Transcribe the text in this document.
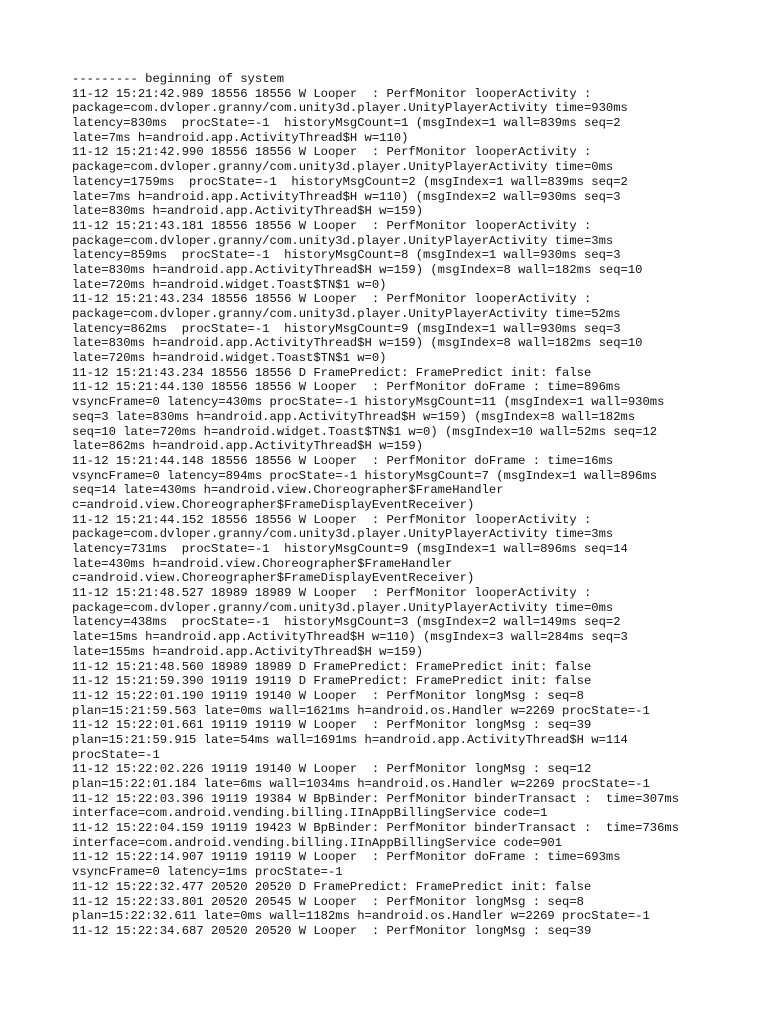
--------- beginning of system
11-12 15:21:42.989 18556 18556 W Looper  : PerfMonitor looperActivity :
package=com.dvloper.granny/com.unity3d.player.UnityPlayerActivity time=930ms
latency=830ms  procState=-1  historyMsgCount=1 (msgIndex=1 wall=839ms seq=2
late=7ms h=android.app.ActivityThread$H w=110)
11-12 15:21:42.990 18556 18556 W Looper  : PerfMonitor looperActivity :
package=com.dvloper.granny/com.unity3d.player.UnityPlayerActivity time=0ms
latency=1759ms  procState=-1  historyMsgCount=2 (msgIndex=1 wall=839ms seq=2
late=7ms h=android.app.ActivityThread$H w=110) (msgIndex=2 wall=930ms seq=3
late=830ms h=android.app.ActivityThread$H w=159)
11-12 15:21:43.181 18556 18556 W Looper  : PerfMonitor looperActivity :
package=com.dvloper.granny/com.unity3d.player.UnityPlayerActivity time=3ms
latency=859ms  procState=-1  historyMsgCount=8 (msgIndex=1 wall=930ms seq=3
late=830ms h=android.app.ActivityThread$H w=159) (msgIndex=8 wall=182ms seq=10
late=720ms h=android.widget.Toast$TN$1 w=0)
11-12 15:21:43.234 18556 18556 W Looper  : PerfMonitor looperActivity :
package=com.dvloper.granny/com.unity3d.player.UnityPlayerActivity time=52ms
latency=862ms  procState=-1  historyMsgCount=9 (msgIndex=1 wall=930ms seq=3
late=830ms h=android.app.ActivityThread$H w=159) (msgIndex=8 wall=182ms seq=10
late=720ms h=android.widget.Toast$TN$1 w=0)
11-12 15:21:43.234 18556 18556 D FramePredict: FramePredict init: false
11-12 15:21:44.130 18556 18556 W Looper  : PerfMonitor doFrame : time=896ms
vsyncFrame=0 latency=430ms procState=-1 historyMsgCount=11 (msgIndex=1 wall=930ms
seq=3 late=830ms h=android.app.ActivityThread$H w=159) (msgIndex=8 wall=182ms
seq=10 late=720ms h=android.widget.Toast$TN$1 w=0) (msgIndex=10 wall=52ms seq=12
late=862ms h=android.app.ActivityThread$H w=159)
11-12 15:21:44.148 18556 18556 W Looper  : PerfMonitor doFrame : time=16ms
vsyncFrame=0 latency=894ms procState=-1 historyMsgCount=7 (msgIndex=1 wall=896ms
seq=14 late=430ms h=android.view.Choreographer$FrameHandler
c=android.view.Choreographer$FrameDisplayEventReceiver)
11-12 15:21:44.152 18556 18556 W Looper  : PerfMonitor looperActivity :
package=com.dvloper.granny/com.unity3d.player.UnityPlayerActivity time=3ms
latency=731ms  procState=-1  historyMsgCount=9 (msgIndex=1 wall=896ms seq=14
late=430ms h=android.view.Choreographer$FrameHandler
c=android.view.Choreographer$FrameDisplayEventReceiver)
11-12 15:21:48.527 18989 18989 W Looper  : PerfMonitor looperActivity :
package=com.dvloper.granny/com.unity3d.player.UnityPlayerActivity time=0ms
latency=438ms  procState=-1  historyMsgCount=3 (msgIndex=2 wall=149ms seq=2
late=15ms h=android.app.ActivityThread$H w=110) (msgIndex=3 wall=284ms seq=3
late=155ms h=android.app.ActivityThread$H w=159)
11-12 15:21:48.560 18989 18989 D FramePredict: FramePredict init: false
11-12 15:21:59.390 19119 19119 D FramePredict: FramePredict init: false
11-12 15:22:01.190 19119 19140 W Looper  : PerfMonitor longMsg : seq=8
plan=15:21:59.563 late=0ms wall=1621ms h=android.os.Handler w=2269 procState=-1
11-12 15:22:01.661 19119 19119 W Looper  : PerfMonitor longMsg : seq=39
plan=15:21:59.915 late=54ms wall=1691ms h=android.app.ActivityThread$H w=114
procState=-1
11-12 15:22:02.226 19119 19140 W Looper  : PerfMonitor longMsg : seq=12
plan=15:22:01.184 late=6ms wall=1034ms h=android.os.Handler w=2269 procState=-1
11-12 15:22:03.396 19119 19384 W BpBinder: PerfMonitor binderTransact :  time=307ms
interface=com.android.vending.billing.IInAppBillingService code=1
11-12 15:22:04.159 19119 19423 W BpBinder: PerfMonitor binderTransact :  time=736ms
interface=com.android.vending.billing.IInAppBillingService code=901
11-12 15:22:14.907 19119 19119 W Looper  : PerfMonitor doFrame : time=693ms
vsyncFrame=0 latency=1ms procState=-1
11-12 15:22:32.477 20520 20520 D FramePredict: FramePredict init: false
11-12 15:22:33.801 20520 20545 W Looper  : PerfMonitor longMsg : seq=8
plan=15:22:32.611 late=0ms wall=1182ms h=android.os.Handler w=2269 procState=-1
11-12 15:22:34.687 20520 20520 W Looper  : PerfMonitor longMsg : seq=39
